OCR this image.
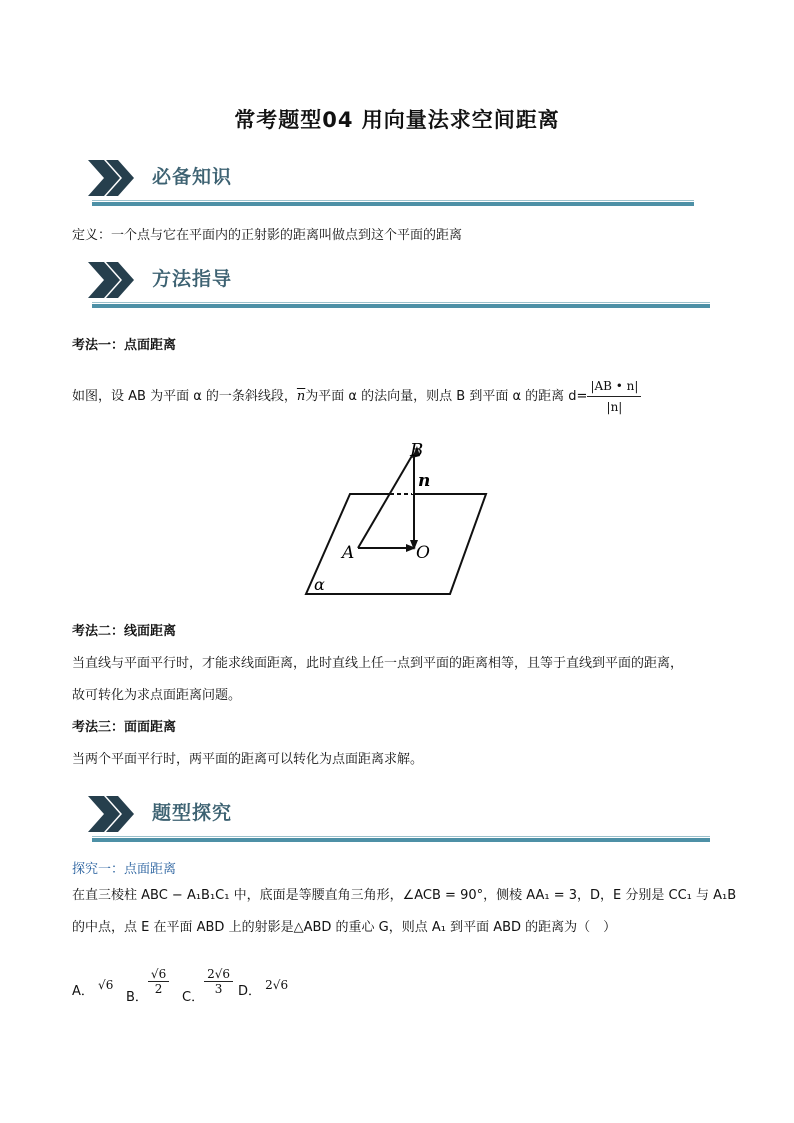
常考题型04 用向量法求空间距离
必备知识
定义：一个点与它在平面内的正射影的距离叫做点到这个平面的距离
方法指导
考法一：点面距离
如图，设 AB 为平面 α 的一条斜线段， $\overline{n}$ 为平面 α 的法向量，则点 B 到平面 α 的距离 $d= \frac{|AB • n|}{|n|}$
B
n
A	O
α
考法二：线面距离
当直线与平面平行时，才能求线面距离，此时直线上任一点到平面的距离相等，且等于直线到平面的距离，
故可转化为求点面距离问题。
考法三：面面距离
当两个平面平行时，两平面的距离可以转化为点面距离求解。
题型探究
探究一：点面距离
在直三棱柱 ABC − A₁B₁C₁ 中，底面是等腰直角三角形，∠ACB = 90°，侧棱 AA₁ = 3，D，E 分别是 CC₁ 与 A₁B
的中点，点 E 在平面 ABD 上的射影是△ABD 的重心 G，则点 A₁ 到平面 ABD 的距离为（　）
A． √6
B．
$\frac{√6}{2}$
C．
$\frac{2√6}{3}$ D． 2√6
